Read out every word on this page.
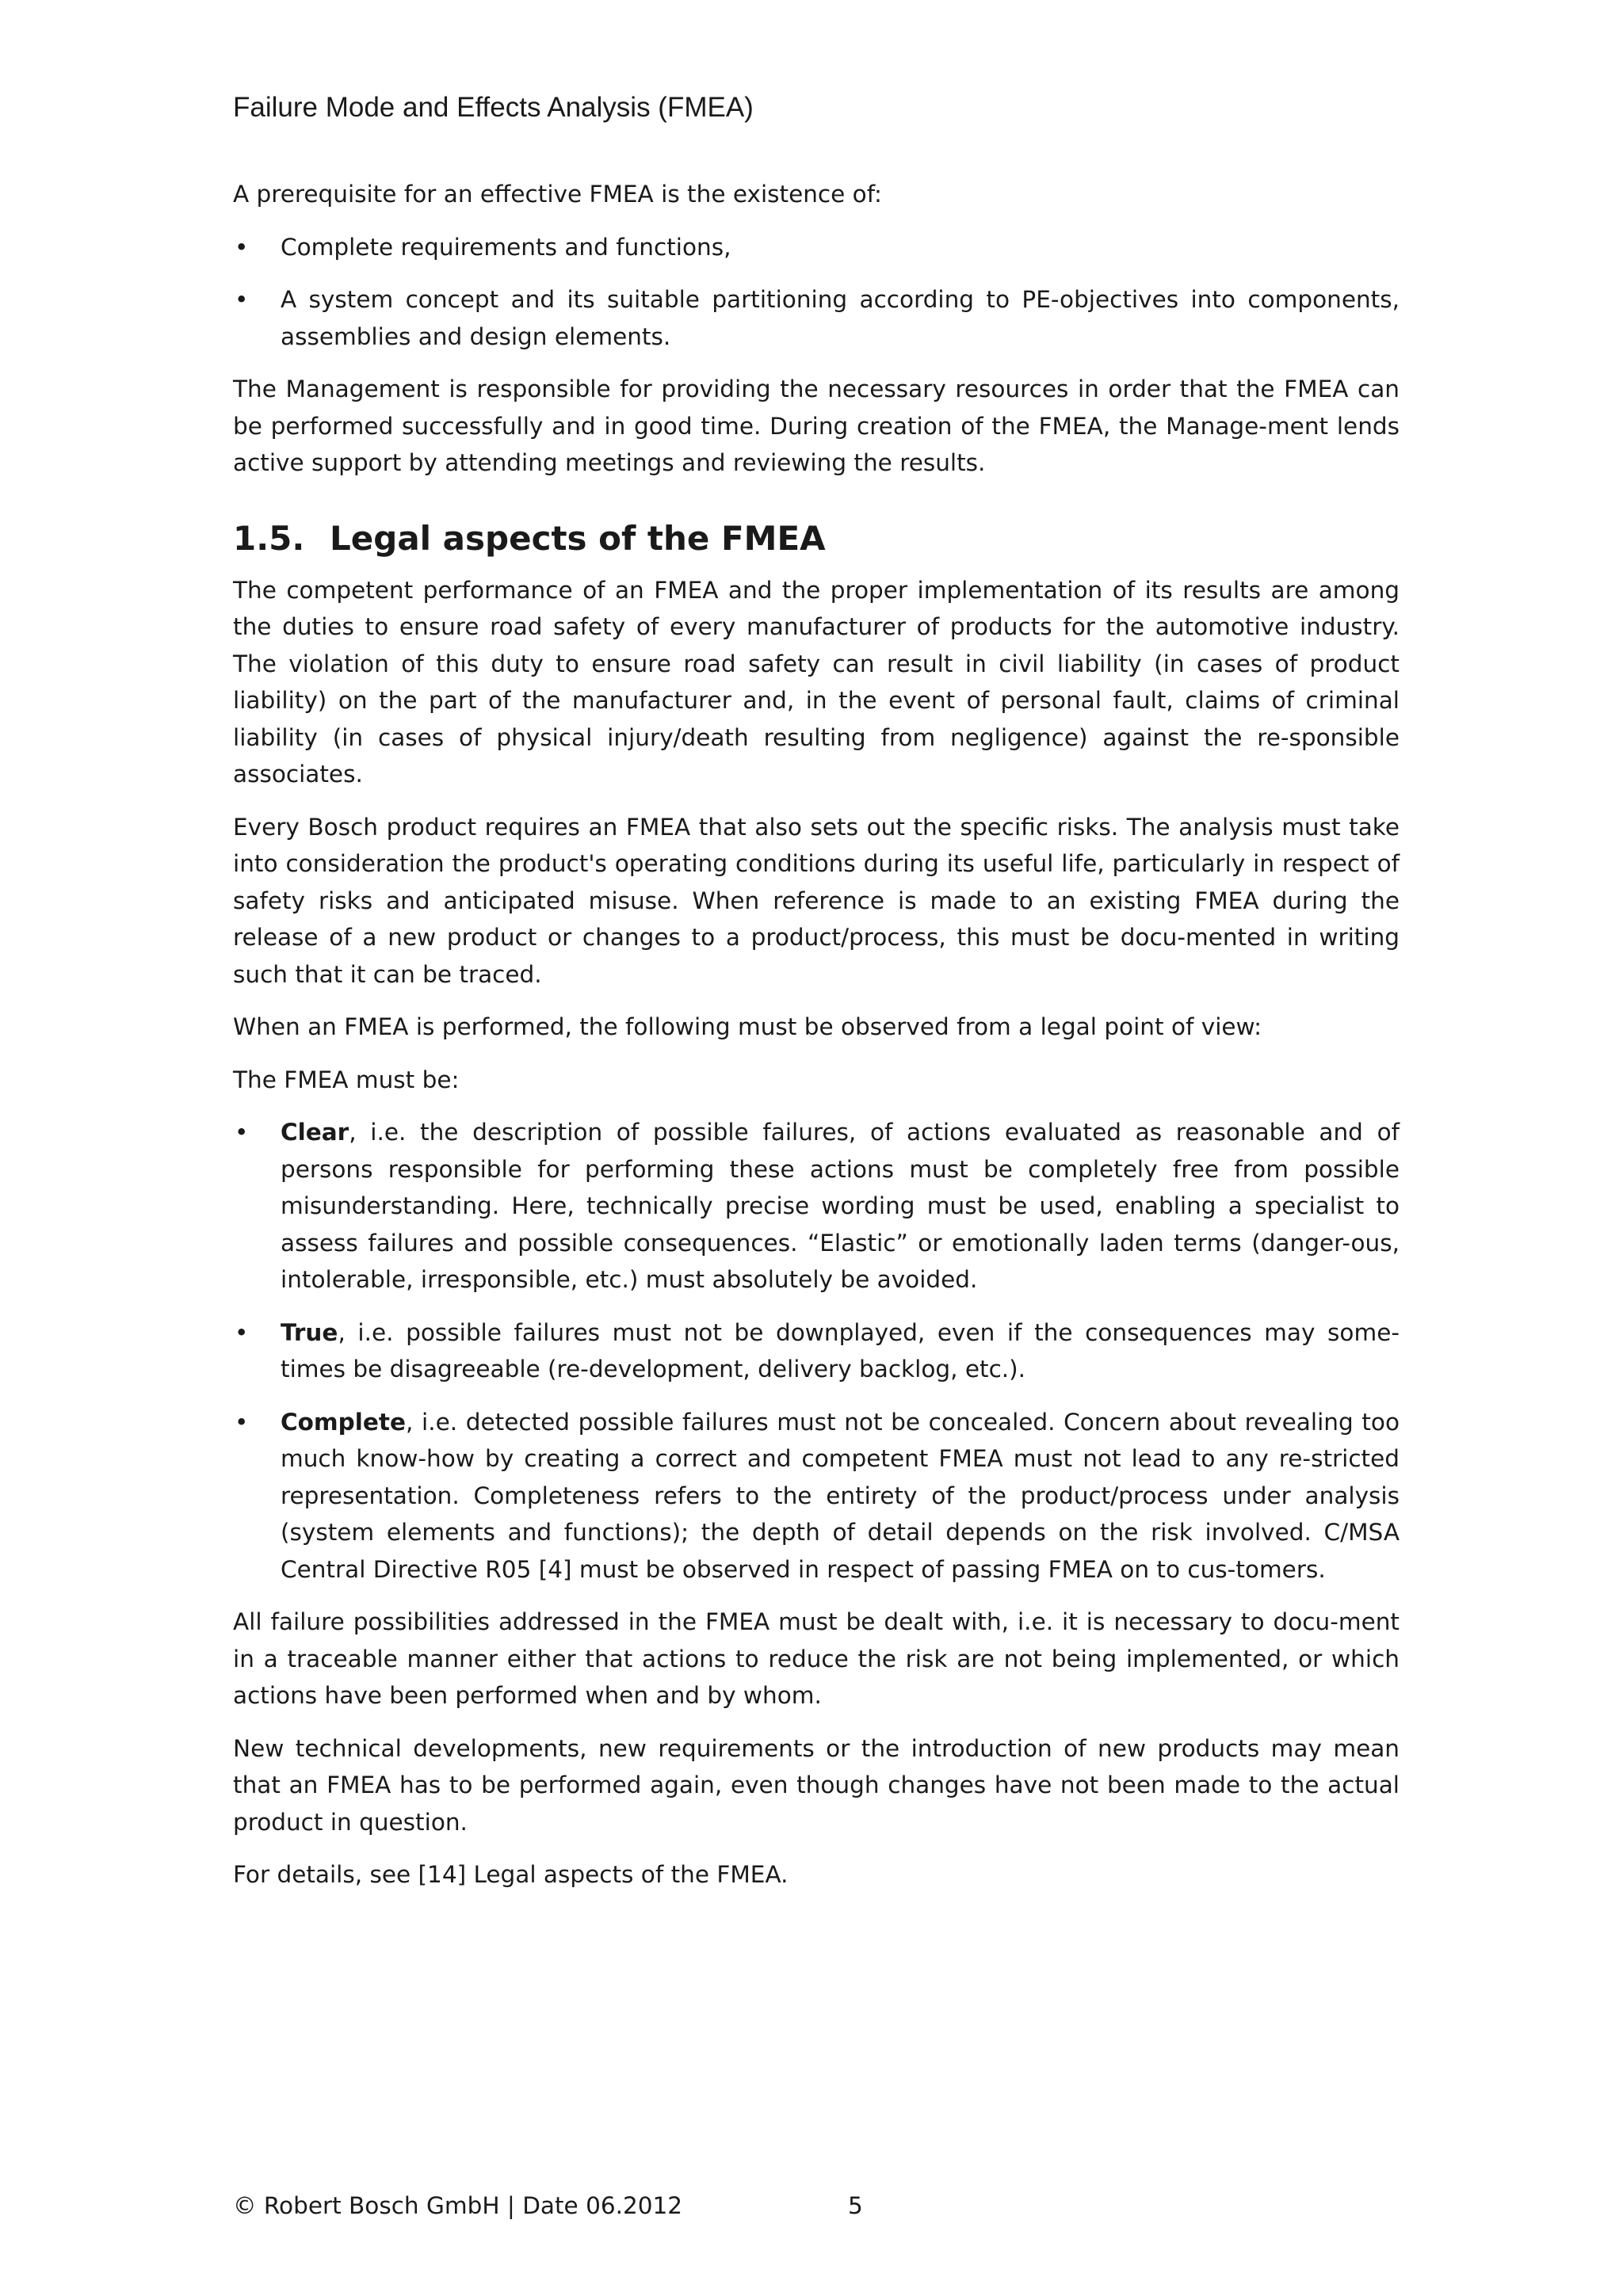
Failure Mode and Effects Analysis (FMEA)

A prerequisite for an effective FMEA is the existence of:

•	Complete requirements and functions,
•	A system concept and its suitable partitioning according to PE-objectives into components, assemblies and design elements.

The Management is responsible for providing the necessary resources in order that the FMEA can be performed successfully and in good time. During creation of the FMEA, the Manage-ment lends active support by attending meetings and reviewing the results.

1.5. Legal aspects of the FMEA

The competent performance of an FMEA and the proper implementation of its results are among the duties to ensure road safety of every manufacturer of products for the automotive industry. The violation of this duty to ensure road safety can result in civil liability (in cases of product liability) on the part of the manufacturer and, in the event of personal fault, claims of criminal liability (in cases of physical injury/death resulting from negligence) against the re-sponsible associates.

Every Bosch product requires an FMEA that also sets out the specific risks. The analysis must take into consideration the product's operating conditions during its useful life, particularly in respect of safety risks and anticipated misuse. When reference is made to an existing FMEA during the release of a new product or changes to a product/process, this must be docu-mented in writing such that it can be traced.

When an FMEA is performed, the following must be observed from a legal point of view:

The FMEA must be:

•	Clear, i.e. the description of possible failures, of actions evaluated as reasonable and of persons responsible for performing these actions must be completely free from possible misunderstanding. Here, technically precise wording must be used, enabling a specialist to assess failures and possible consequences. “Elastic” or emotionally laden terms (danger-ous, intolerable, irresponsible, etc.) must absolutely be avoided.
•	True, i.e. possible failures must not be downplayed, even if the consequences may some-times be disagreeable (re-development, delivery backlog, etc.).
•	Complete, i.e. detected possible failures must not be concealed. Concern about revealing too much know-how by creating a correct and competent FMEA must not lead to any re-stricted representation. Completeness refers to the entirety of the product/process under analysis (system elements and functions); the depth of detail depends on the risk involved. C/MSA Central Directive R05 [4] must be observed in respect of passing FMEA on to cus-tomers.

All failure possibilities addressed in the FMEA must be dealt with, i.e. it is necessary to docu-ment in a traceable manner either that actions to reduce the risk are not being implemented, or which actions have been performed when and by whom.

New technical developments, new requirements or the introduction of new products may mean that an FMEA has to be performed again, even though changes have not been made to the actual product in question.

For details, see [14] Legal aspects of the FMEA.

© Robert Bosch GmbH | Date 06.2012	5
